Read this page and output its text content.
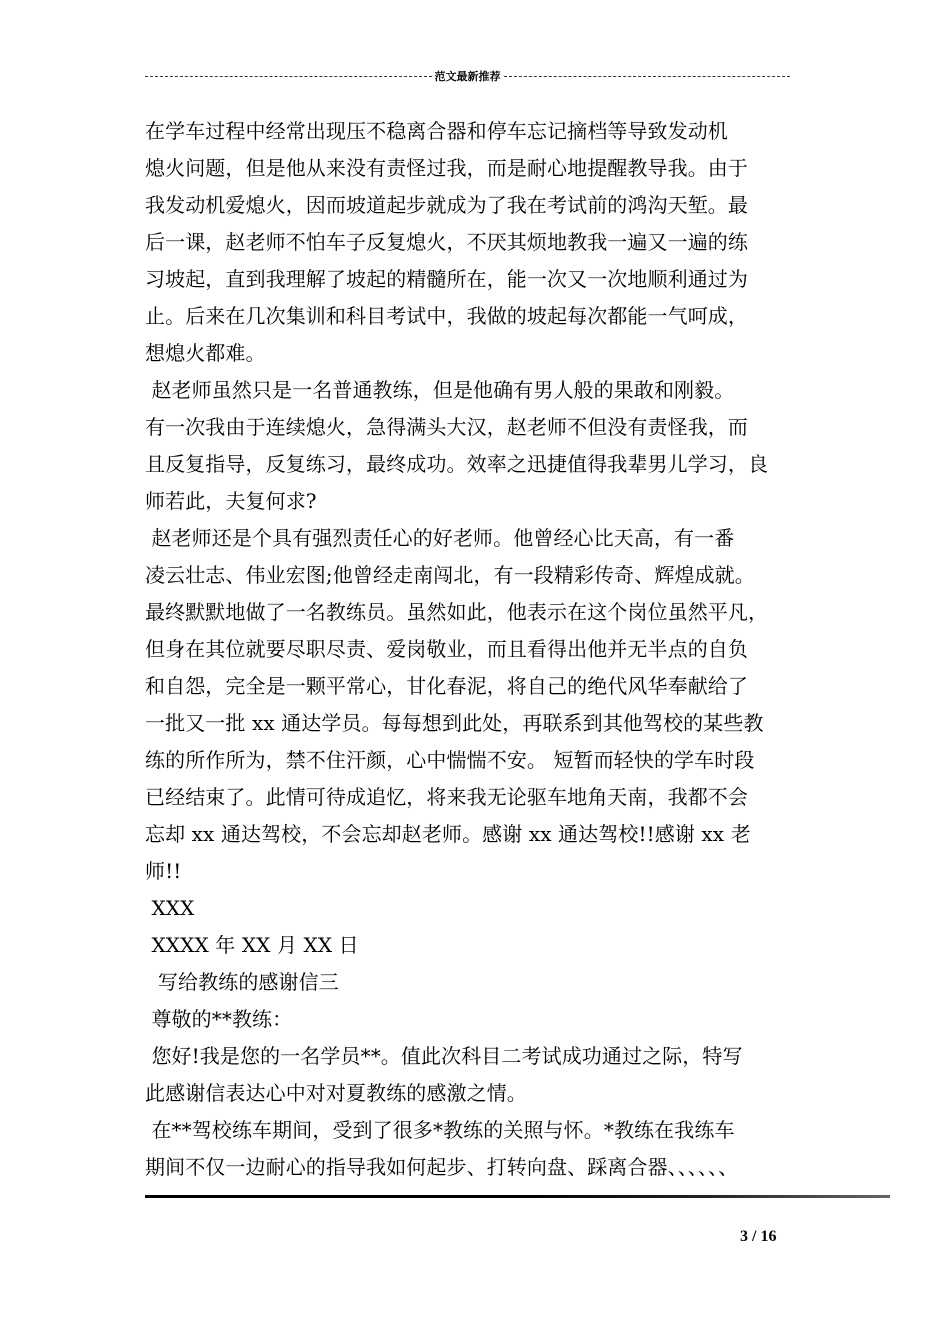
范文最新推荐
在学车过程中经常出现压不稳离合器和停车忘记摘档等导致发动机
熄火问题，但是他从来没有责怪过我，而是耐心地提醒教导我。由于
我发动机爱熄火，因而坡道起步就成为了我在考试前的鸿沟天堑。最
后一课，赵老师不怕车子反复熄火，不厌其烦地教我一遍又一遍的练
习坡起，直到我理解了坡起的精髓所在，能一次又一次地顺利通过为
止。后来在几次集训和科目考试中，我做的坡起每次都能一气呵成，
想熄火都难。
赵老师虽然只是一名普通教练，但是他确有男人般的果敢和刚毅。
有一次我由于连续熄火，急得满头大汉，赵老师不但没有责怪我，而
且反复指导，反复练习，最终成功。效率之迅捷值得我辈男儿学习，良
师若此，夫复何求?
赵老师还是个具有强烈责任心的好老师。他曾经心比天高，有一番
凌云壮志、伟业宏图;他曾经走南闯北，有一段精彩传奇、辉煌成就。
最终默默地做了一名教练员。虽然如此，他表示在这个岗位虽然平凡，
但身在其位就要尽职尽责、爱岗敬业，而且看得出他并无半点的自负
和自怨，完全是一颗平常心，甘化春泥，将自己的绝代风华奉献给了
一批又一批 xx 通达学员。每每想到此处，再联系到其他驾校的某些教
练的所作所为，禁不住汗颜，心中惴惴不安。 短暂而轻快的学车时段
已经结束了。此情可待成追忆，将来我无论驱车地角天南，我都不会
忘却 xx 通达驾校，不会忘却赵老师。感谢 xx 通达驾校!!感谢 xx 老
师!!
XXX
XXXX 年 XX 月 XX 日
写给教练的感谢信三
尊敬的**教练：
您好!我是您的一名学员**。值此次科目二考试成功通过之际，特写
此感谢信表达心中对对夏教练的感激之情。
在**驾校练车期间，受到了很多*教练的关照与怀。*教练在我练车
期间不仅一边耐心的指导我如何起步、打转向盘、踩离合器、、、、、、
3 / 16
